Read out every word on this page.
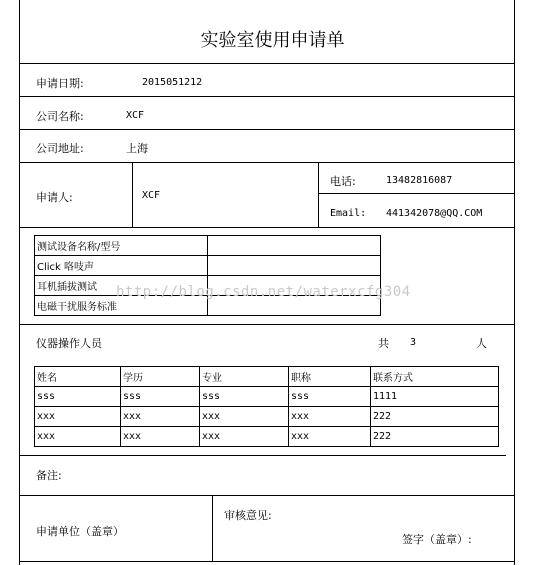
实验室使用申请单
申请日期:	2015051212
公司名称:	XCF
公司地址:	上海
申请人:	XCF
电话:	13482816087
Email: 441342078@QQ.COM
测试设备名称/型号	
Click 咯吱声	
耳机插拔测试	
电磁干扰服务标准	
http://blog.csdn.net/waterxcfg304
仪器操作人员	共 3	人
姓名	学历	专业	职称	联系方式
sss	sss	sss	sss	1111
xxx	xxx	xxx	xxx	222
xxx	xxx	xxx	xxx	222
备注:
申请单位（盖章）
审核意见:
签字（盖章）:
